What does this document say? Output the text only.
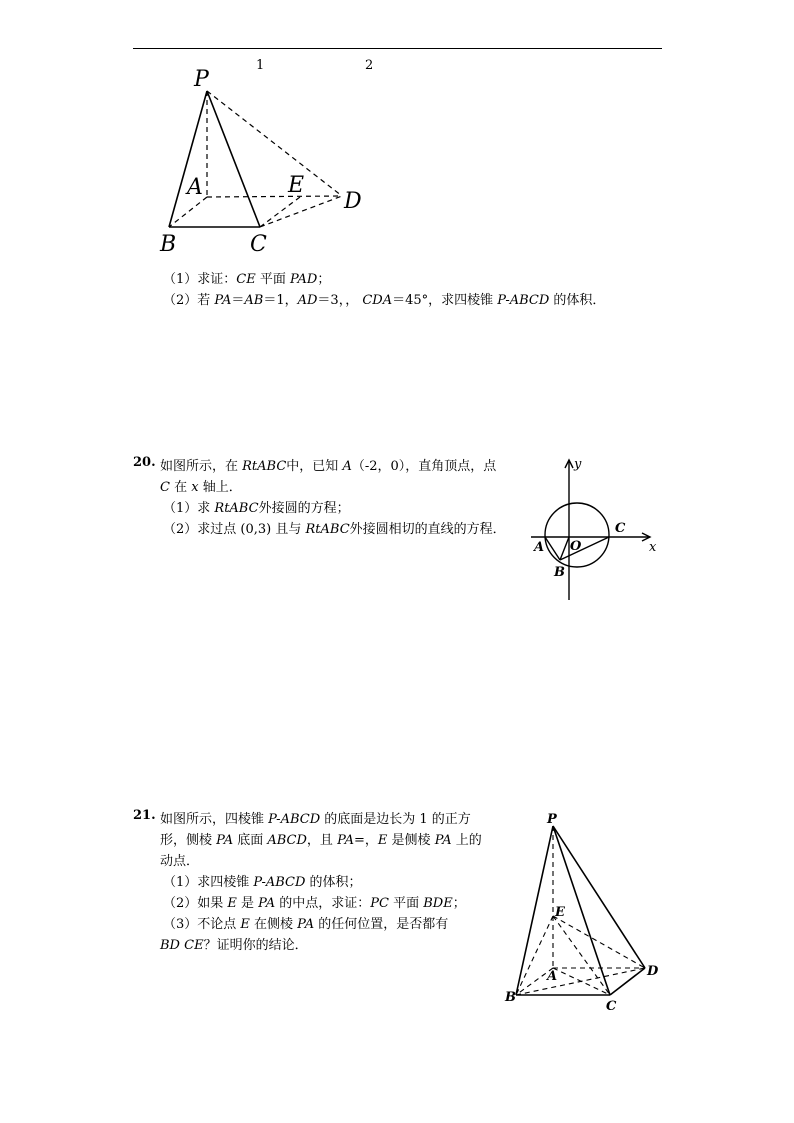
1	2
P
A	E
D
B	C
（1）求证：CE 平面 PAD；
（2）若 PA＝AB＝1，AD＝3，， CDA＝45°，求四棱锥 P-ABCD 的体积．
20. 如图所示，在 RtABC中，已知 A（-2，0），直角顶点，点
C 在 x 轴上．
（1）求 RtABC外接圆的方程；
（2）求过点 (0,3) 且与 RtABC外接圆相切的直线的方程．
y
x
A O
C
B
21. 如图所示，四棱锥 P-ABCD 的底面是边长为 1 的正方
形，侧棱 PA 底面 ABCD，且 PA=，E 是侧棱 PA 上的
动点．
（1）求四棱锥 P-ABCD 的体积；
（2）如果 E 是 PA 的中点，求证：PC 平面 BDE；
（3）不论点 E 在侧棱 PA 的任何位置，是否都有
BD CE？证明你的结论．
P
E
A	D
B
C
